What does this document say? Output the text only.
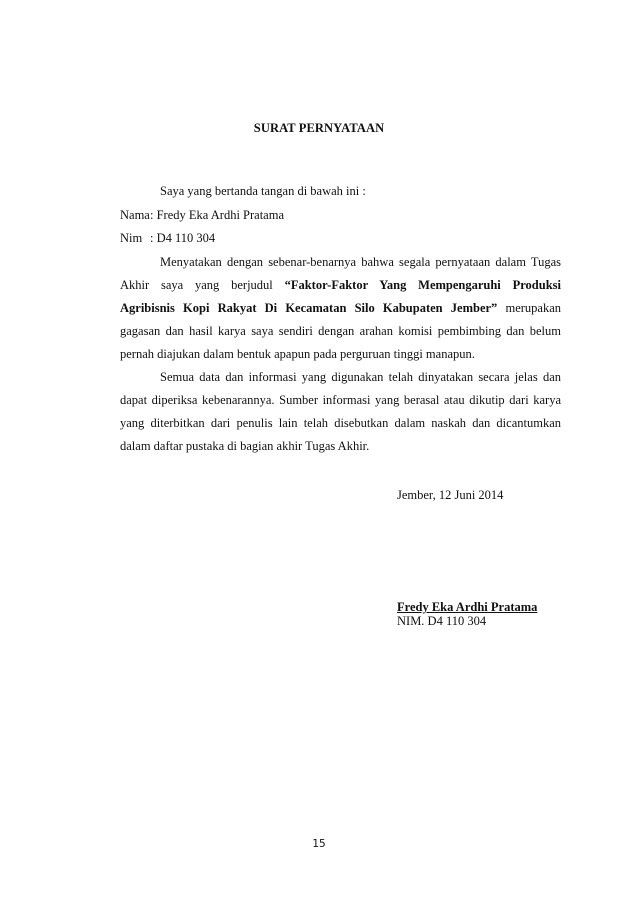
SURAT PERNYATAAN
Saya yang bertanda tangan di bawah ini :
Nama : Fredy Eka Ardhi Pratama
Nim : D4 110 304
Menyatakan dengan sebenar-benarnya bahwa segala pernyataan dalam Tugas
Akhir saya yang berjudul “Faktor-Faktor Yang Mempengaruhi Produksi
Agribisnis Kopi Rakyat Di Kecamatan Silo Kabupaten Jember” merupakan
gagasan dan hasil karya saya sendiri dengan arahan komisi pembimbing dan belum
pernah diajukan dalam bentuk apapun pada perguruan tinggi manapun.
Semua data dan informasi yang digunakan telah dinyatakan secara jelas dan
dapat diperiksa kebenarannya. Sumber informasi yang berasal atau dikutip dari karya
yang diterbitkan dari penulis lain telah disebutkan dalam naskah dan dicantumkan
dalam daftar pustaka di bagian akhir Tugas Akhir.
Jember, 12 Juni 2014
Fredy Eka Ardhi Pratama
NIM. D4 110 304
15
